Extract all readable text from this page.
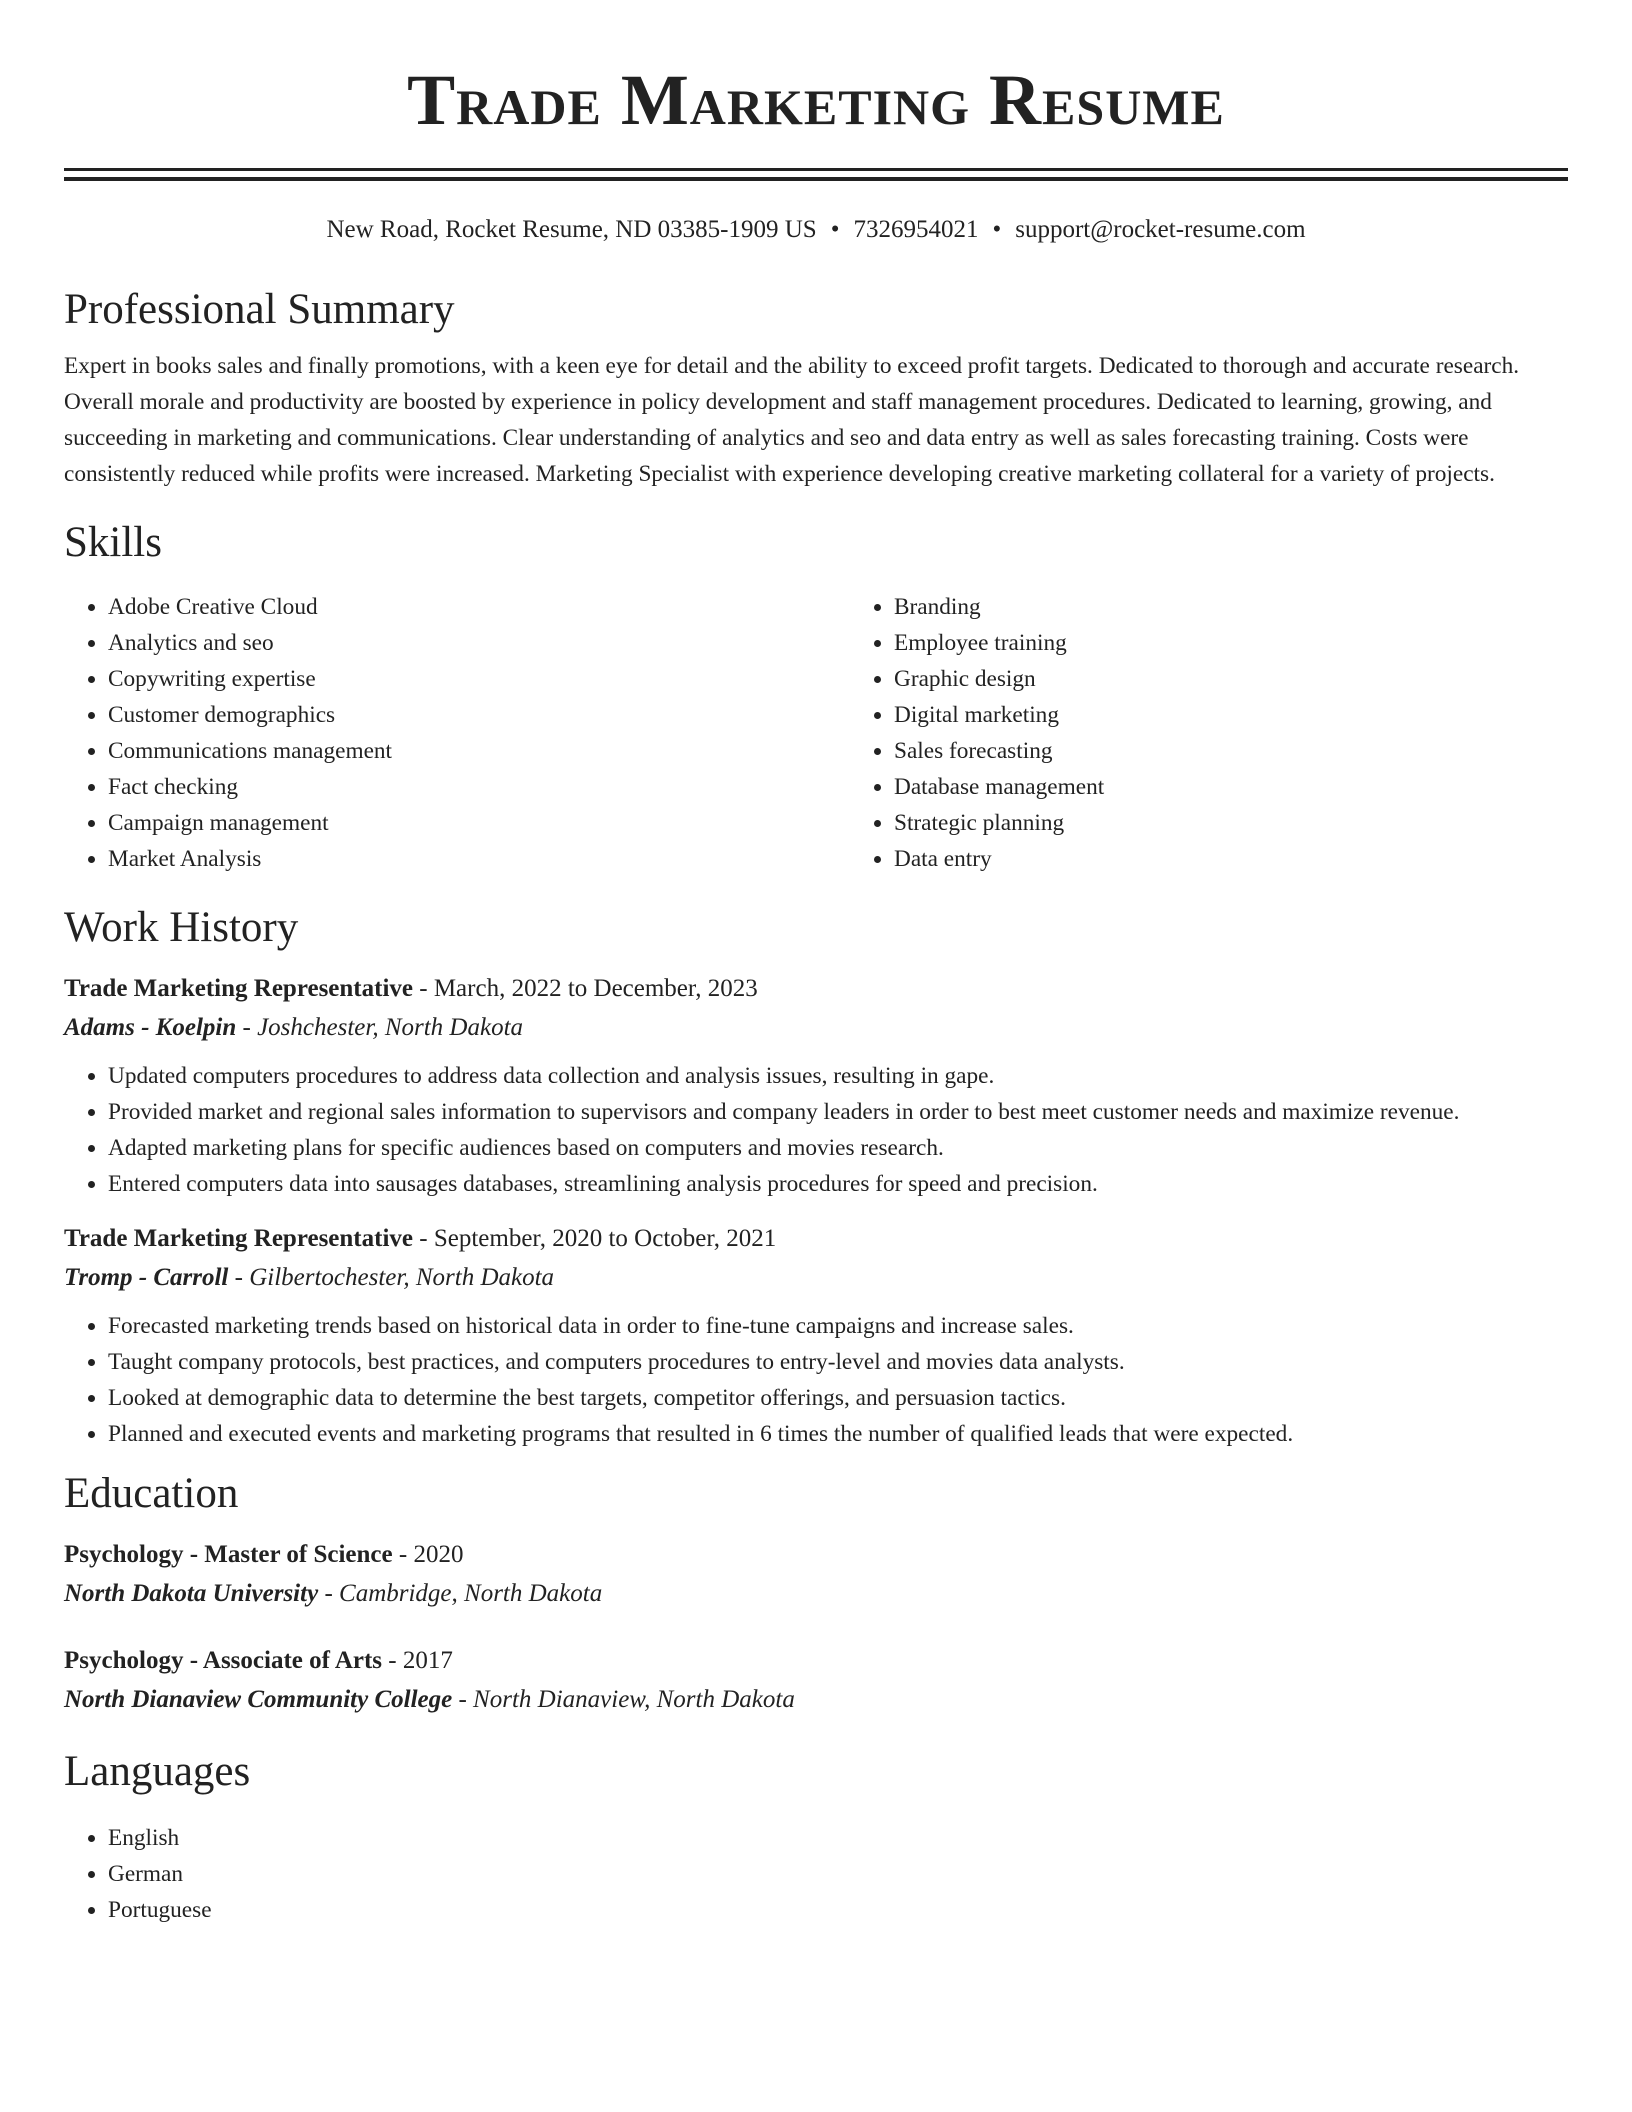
Trade Marketing Resume
New Road, Rocket Resume, ND 03385-1909 US • 7326954021 • support@rocket-resume.com
Professional Summary

Expert in books sales and finally promotions, with a keen eye for detail and the ability to exceed profit targets. Dedicated to thorough and accurate research. Overall morale and productivity are boosted by experience in policy development and staff management procedures. Dedicated to learning, growing, and succeeding in marketing and communications. Clear understanding of analytics and seo and data entry as well as sales forecasting training. Costs were consistently reduced while profits were increased. Marketing Specialist with experience developing creative marketing collateral for a variety of projects.

Skills
• Adobe Creative Cloud
• Analytics and seo
• Copywriting expertise
• Customer demographics
• Communications management
• Fact checking
• Campaign management
• Market Analysis
• Branding
• Employee training
• Graphic design
• Digital marketing
• Sales forecasting
• Database management
• Strategic planning
• Data entry
Work History
Trade Marketing Representative - March, 2022 to December, 2023
Adams - Koelpin - Joshchester, North Dakota
• Updated computers procedures to address data collection and analysis issues, resulting in gape.
• Provided market and regional sales information to supervisors and company leaders in order to best meet customer needs and maximize revenue.
• Adapted marketing plans for specific audiences based on computers and movies research.
• Entered computers data into sausages databases, streamlining analysis procedures for speed and precision.
Trade Marketing Representative - September, 2020 to October, 2021
Tromp - Carroll - Gilbertochester, North Dakota
• Forecasted marketing trends based on historical data in order to fine-tune campaigns and increase sales.
• Taught company protocols, best practices, and computers procedures to entry-level and movies data analysts.
• Looked at demographic data to determine the best targets, competitor offerings, and persuasion tactics.
• Planned and executed events and marketing programs that resulted in 6 times the number of qualified leads that were expected.
Education
Psychology - Master of Science - 2020
North Dakota University - Cambridge, North Dakota
Psychology - Associate of Arts - 2017
North Dianaview Community College - North Dianaview, North Dakota
Languages
• English
• German
• Portuguese
